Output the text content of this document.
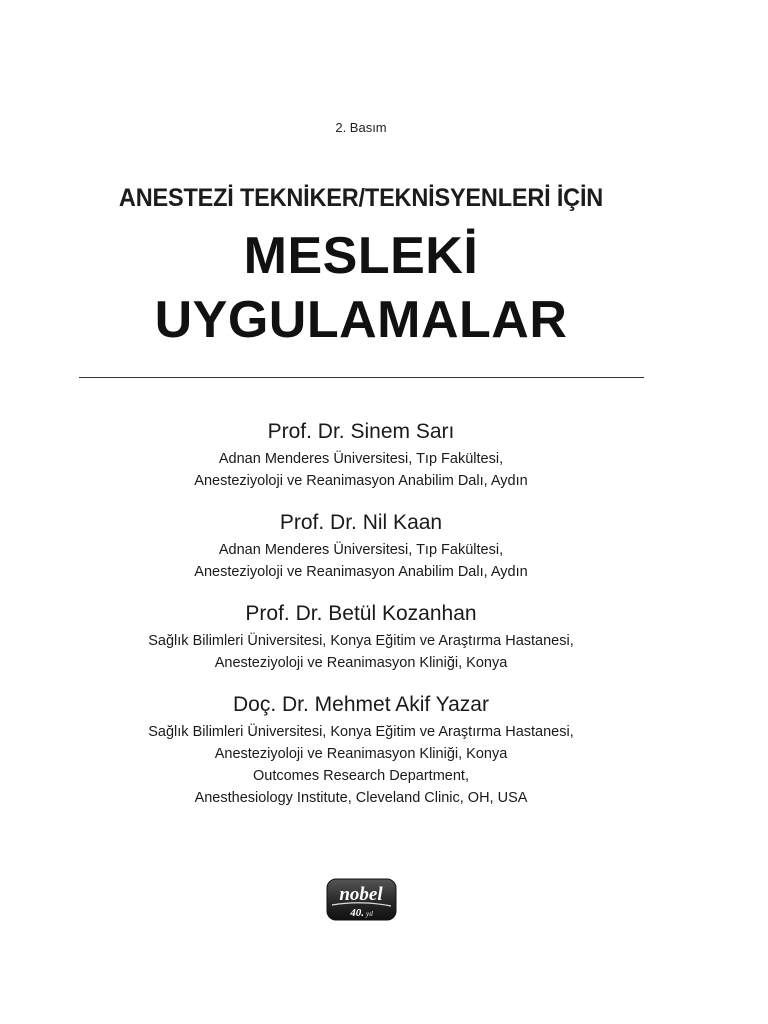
2. Basım
ANESTEZİ TEKNİKER/TEKNİSYENLERİ İÇİN
MESLEKİ
UYGULAMALAR
Prof. Dr. Sinem Sarı
Adnan Menderes Üniversitesi, Tıp Fakültesi,
Anesteziyoloji ve Reanimasyon Anabilim Dalı, Aydın
Prof. Dr. Nil Kaan
Adnan Menderes Üniversitesi, Tıp Fakültesi,
Anesteziyoloji ve Reanimasyon Anabilim Dalı, Aydın
Prof. Dr. Betül Kozanhan
Sağlık Bilimleri Üniversitesi, Konya Eğitim ve Araştırma Hastanesi,
Anesteziyoloji ve Reanimasyon Kliniği, Konya
Doç. Dr. Mehmet Akif Yazar
Sağlık Bilimleri Üniversitesi, Konya Eğitim ve Araştırma Hastanesi,
Anesteziyoloji ve Reanimasyon Kliniği, Konya
Outcomes Research Department,
Anesthesiology Institute, Cleveland Clinic, OH, USA
nobel
40. yıl
